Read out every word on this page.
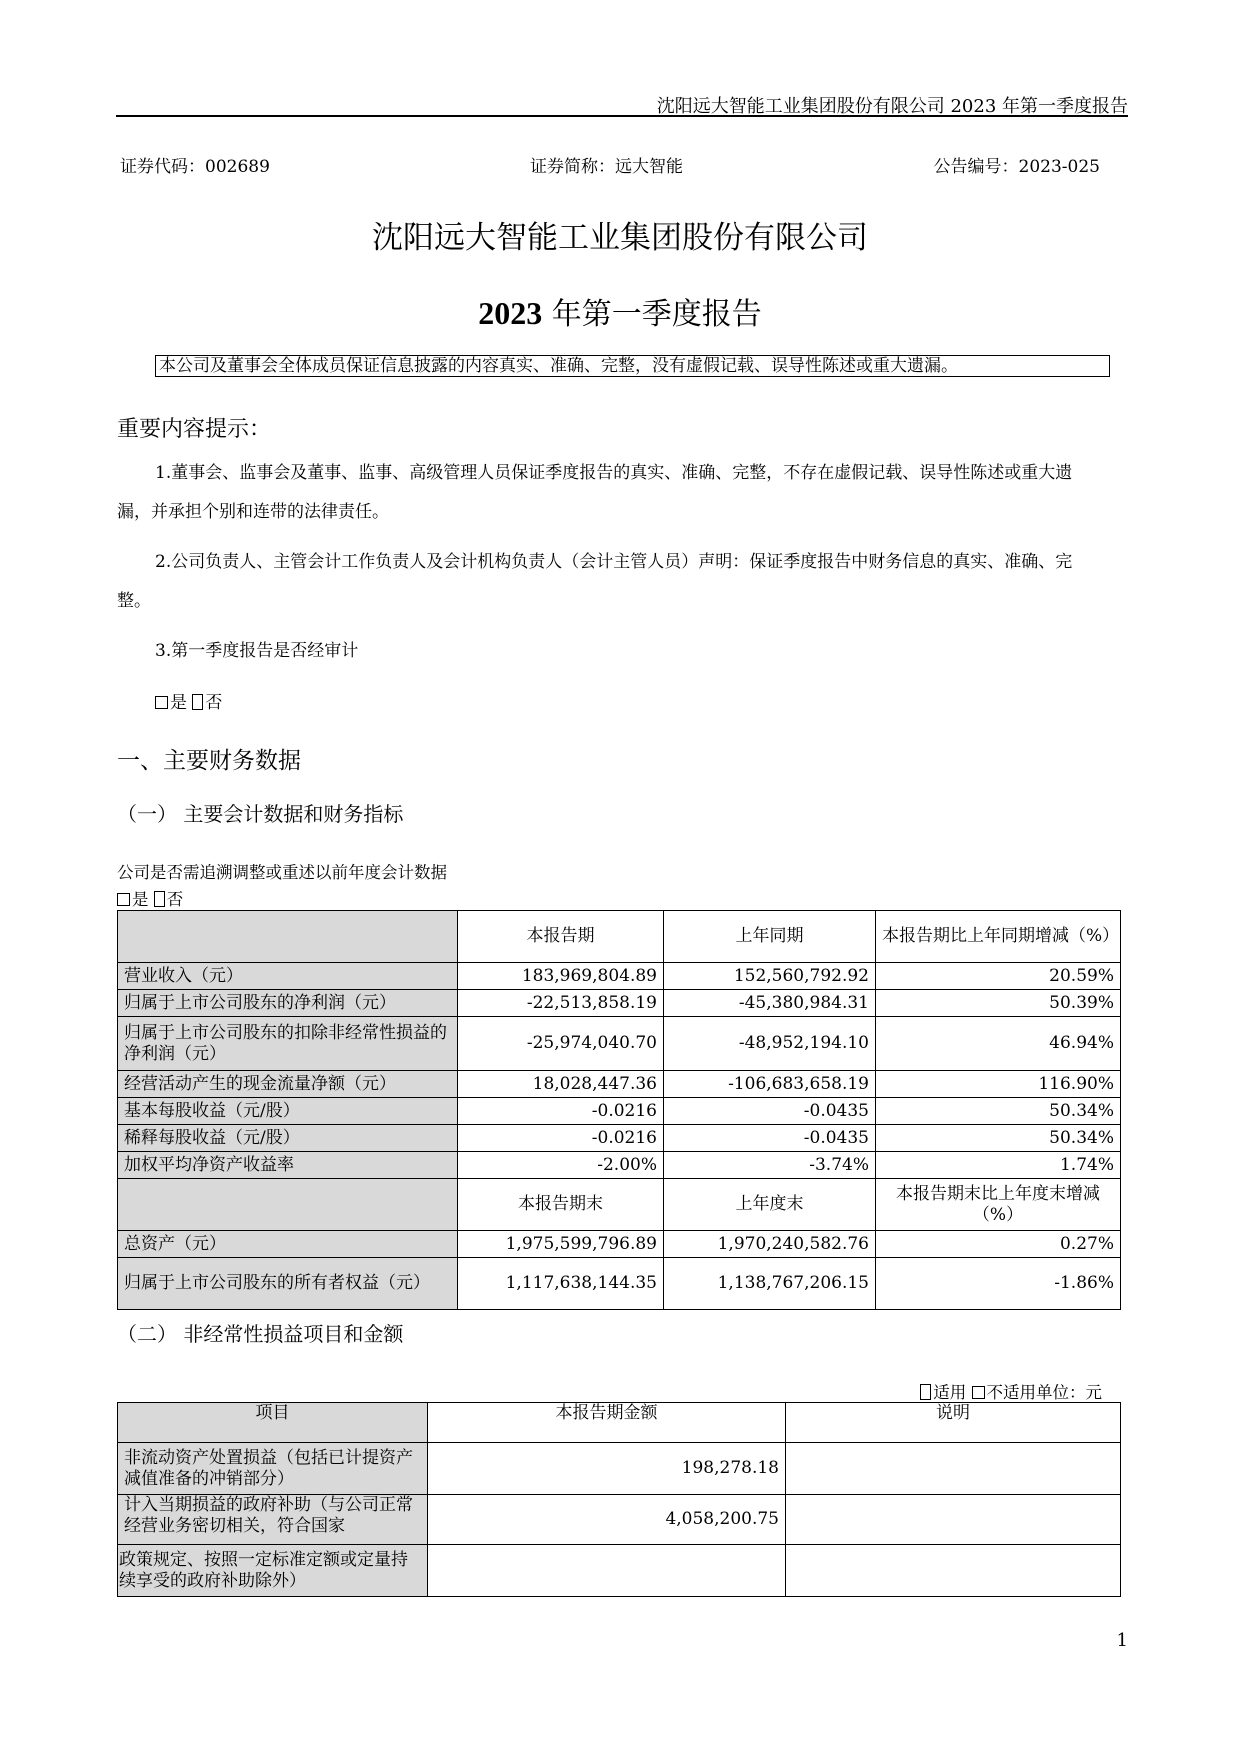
沈阳远大智能工业集团股份有限公司 2023 年第一季度报告
证券代码：002689	证券简称：远大智能	公告编号：2023-025
沈阳远大智能工业集团股份有限公司
2023 年第一季度报告
本公司及董事会全体成员保证信息披露的内容真实、准确、完整，没有虚假记载、误导性陈述或重大遗漏。
重要内容提示：
1.董事会、监事会及董事、监事、高级管理人员保证季度报告的真实、准确、完整，不存在虚假记载、误导性陈述或重大遗漏，并承担个别和连带的法律责任。
2.公司负责人、主管会计工作负责人及会计机构负责人（会计主管人员）声明：保证季度报告中财务信息的真实、准确、完整。
3.第一季度报告是否经审计
是 否
一、主要财务数据
（一） 主要会计数据和财务指标
公司是否需追溯调整或重述以前年度会计数据
是 否
	本报告期	上年同期	本报告期比上年同期增减（%）
营业收入（元）	183,969,804.89	152,560,792.92	20.59%
归属于上市公司股东的净利润（元）	-22,513,858.19	-45,380,984.31	50.39%
归属于上市公司股东的扣除非经常性损益的净利润（元）	-25,974,040.70	-48,952,194.10	46.94%
经营活动产生的现金流量净额（元）	18,028,447.36	-106,683,658.19	116.90%
基本每股收益（元/股）	-0.0216	-0.0435	50.34%
稀释每股收益（元/股）	-0.0216	-0.0435	50.34%
加权平均净资产收益率	-2.00%	-3.74%	1.74%
	本报告期末	上年度末	本报告期末比上年度末增减（%）
总资产（元）	1,975,599,796.89	1,970,240,582.76	0.27%
归属于上市公司股东的所有者权益（元）	1,117,638,144.35	1,138,767,206.15	-1.86%
（二） 非经常性损益项目和金额
适用 不适用单位：元
项目	本报告期金额	说明
非流动资产处置损益（包括已计提资产减值准备的冲销部分）	198,278.18	
计入当期损益的政府补助（与公司正常经营业务密切相关，符合国家	4,058,200.75	
政策规定、按照一定标准定额或定量持续享受的政府补助除外）		
1
